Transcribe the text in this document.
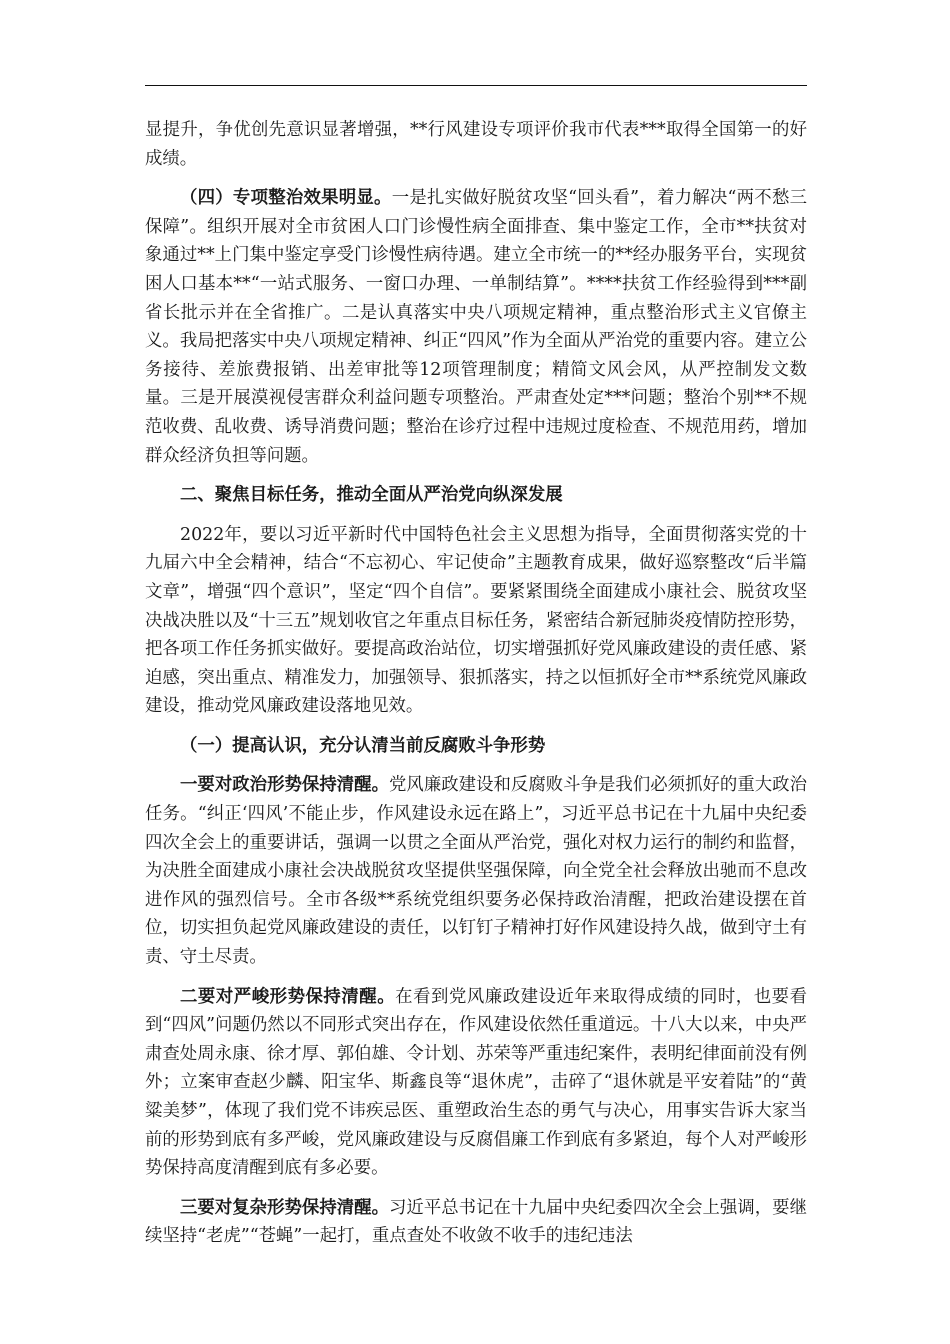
显提升，争优创先意识显著增强，**行风建设专项评价我市代表***取得全国第一的好成绩。

（四）专项整治效果明显。一是扎实做好脱贫攻坚“回头看”，着力解决“两不愁三保障”。组织开展对全市贫困人口门诊慢性病全面排查、集中鉴定工作，全市**扶贫对象通过**上门集中鉴定享受门诊慢性病待遇。建立全市统一的**经办服务平台，实现贫困人口基本**“一站式服务、一窗口办理、一单制结算”。****扶贫工作经验得到***副省长批示并在全省推广。二是认真落实中央八项规定精神，重点整治形式主义官僚主义。我局把落实中央八项规定精神、纠正“四风”作为全面从严治党的重要内容。建立公务接待、差旅费报销、出差审批等12项管理制度；精简文风会风，从严控制发文数量。三是开展漠视侵害群众利益问题专项整治。严肃查处定***问题；整治个别**不规范收费、乱收费、诱导消费问题；整治在诊疗过程中违规过度检查、不规范用药，增加群众经济负担等问题。

二、聚焦目标任务，推动全面从严治党向纵深发展

2022年，要以习近平新时代中国特色社会主义思想为指导，全面贯彻落实党的十九届六中全会精神，结合“不忘初心、牢记使命”主题教育成果，做好巡察整改“后半篇文章”，增强“四个意识”，坚定“四个自信”。要紧紧围绕全面建成小康社会、脱贫攻坚决战决胜以及“十三五”规划收官之年重点目标任务，紧密结合新冠肺炎疫情防控形势，把各项工作任务抓实做好。要提高政治站位，切实增强抓好党风廉政建设的责任感、紧迫感，突出重点、精准发力，加强领导、狠抓落实，持之以恒抓好全市**系统党风廉政建设，推动党风廉政建设落地见效。

（一）提高认识，充分认清当前反腐败斗争形势

一要对政治形势保持清醒。党风廉政建设和反腐败斗争是我们必须抓好的重大政治任务。“纠正‘四风’不能止步，作风建设永远在路上”，习近平总书记在十九届中央纪委四次全会上的重要讲话，强调一以贯之全面从严治党，强化对权力运行的制约和监督，为决胜全面建成小康社会决战脱贫攻坚提供坚强保障，向全党全社会释放出驰而不息改进作风的强烈信号。全市各级**系统党组织要务必保持政治清醒，把政治建设摆在首位，切实担负起党风廉政建设的责任，以钉钉子精神打好作风建设持久战，做到守土有责、守土尽责。

二要对严峻形势保持清醒。在看到党风廉政建设近年来取得成绩的同时，也要看到“四风”问题仍然以不同形式突出存在，作风建设依然任重道远。十八大以来，中央严肃查处周永康、徐才厚、郭伯雄、令计划、苏荣等严重违纪案件，表明纪律面前没有例外；立案审查赵少麟、阳宝华、斯鑫良等“退休虎”，击碎了“退休就是平安着陆”的“黄粱美梦”，体现了我们党不讳疾忌医、重塑政治生态的勇气与决心，用事实告诉大家当前的形势到底有多严峻，党风廉政建设与反腐倡廉工作到底有多紧迫，每个人对严峻形势保持高度清醒到底有多必要。

三要对复杂形势保持清醒。习近平总书记在十九届中央纪委四次全会上强调，要继续坚持“老虎”“苍蝇”一起打，重点查处不收敛不收手的违纪违法
